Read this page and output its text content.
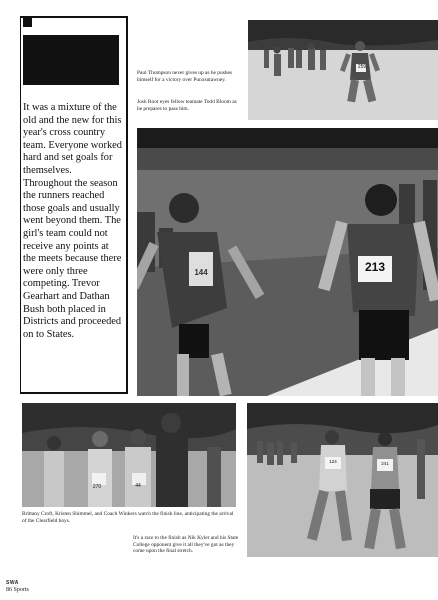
It was a mixture of the old and the new for this year's cross country team. Everyone worked hard and set goals for themselves. Throughout the season the runners reached those goals and usually went beyond them. The girl's team could not receive any points at the meets because there were only three competing. Trevor Gearhart and Dathan Bush both placed in Districts and proceeded on to States.
Paul Thompson never gives up as he pushes himself for a victory over Punxsutawney.
Josh Root eyes fellow teamate Todd Bloom as he prepares to pass him.
259
213
144
270	44
Brittany Croft, Kristen Shimmel, and Coach Winkers watch the finish line, anticipating the arrival of the Clearfield boys.
124	241
It's a race to the finish as Nik Kyler and his State College opponent give it all they've got as they come upon the final stretch.
SWA
86 Sports
